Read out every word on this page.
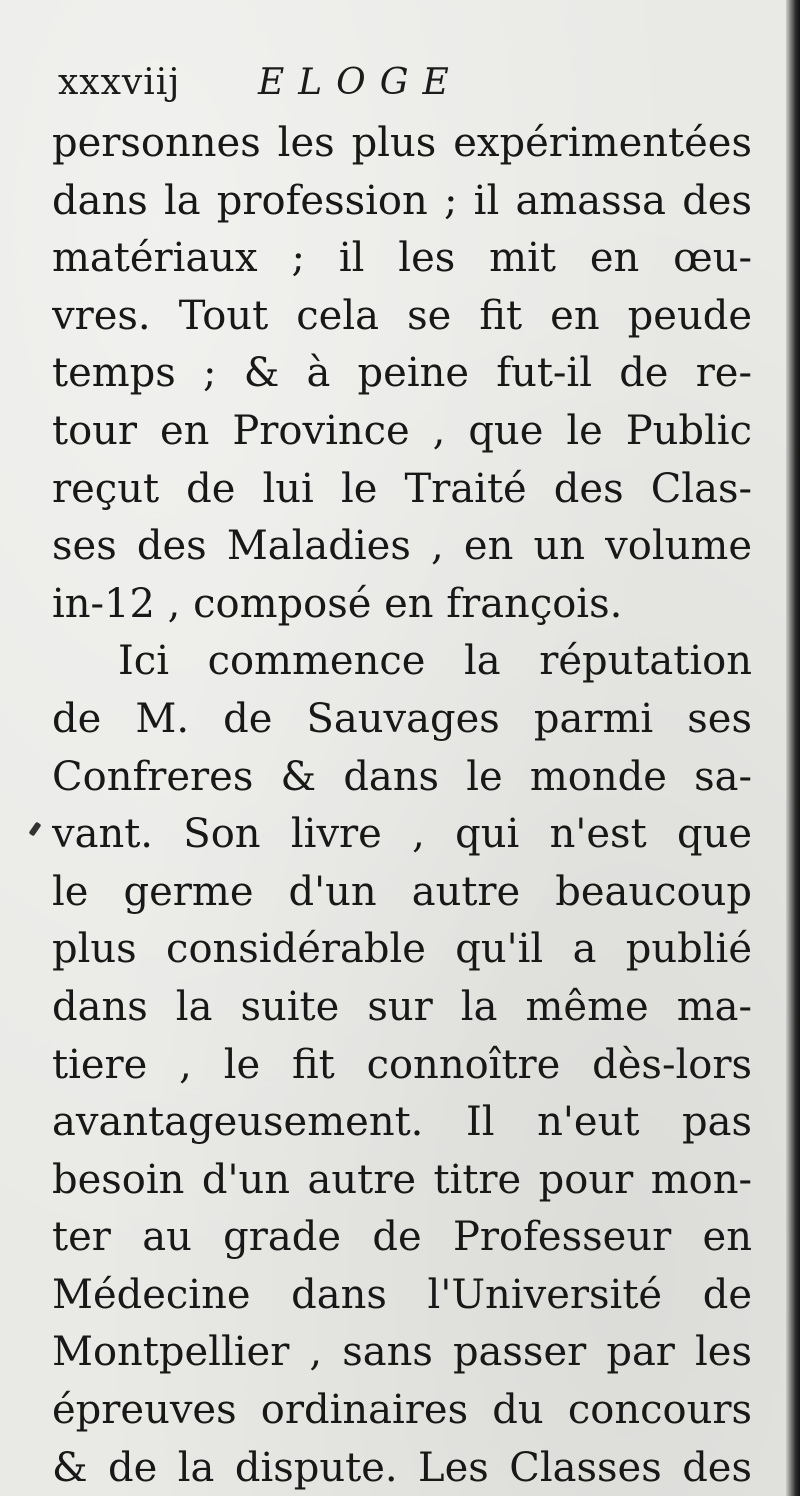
xxxviij ELOGE
personnes les plus expérimentées
dans la profession ; il amassa des
matériaux ; il les mit en œu-
vres. Tout cela se fit en peude
temps ; & à peine fut-il de re-
tour en Province , que le Public
reçut de lui le Traité des Clas-
ses des Maladies , en un volume
in-12 , composé en françois.
Ici commence la réputation
de M. de Sauvages parmi ses
Confreres & dans le monde sa-
vant. Son livre , qui n'est que
le germe d'un autre beaucoup
plus considérable qu'il a publié
dans la suite sur la même ma-
tiere , le fit connoître dès-lors
avantageusement. Il n'eut pas
besoin d'un autre titre pour mon-
ter au grade de Professeur en
Médecine dans l'Université de
Montpellier , sans passer par les
épreuves ordinaires du concours
& de la dispute. Les Classes des
